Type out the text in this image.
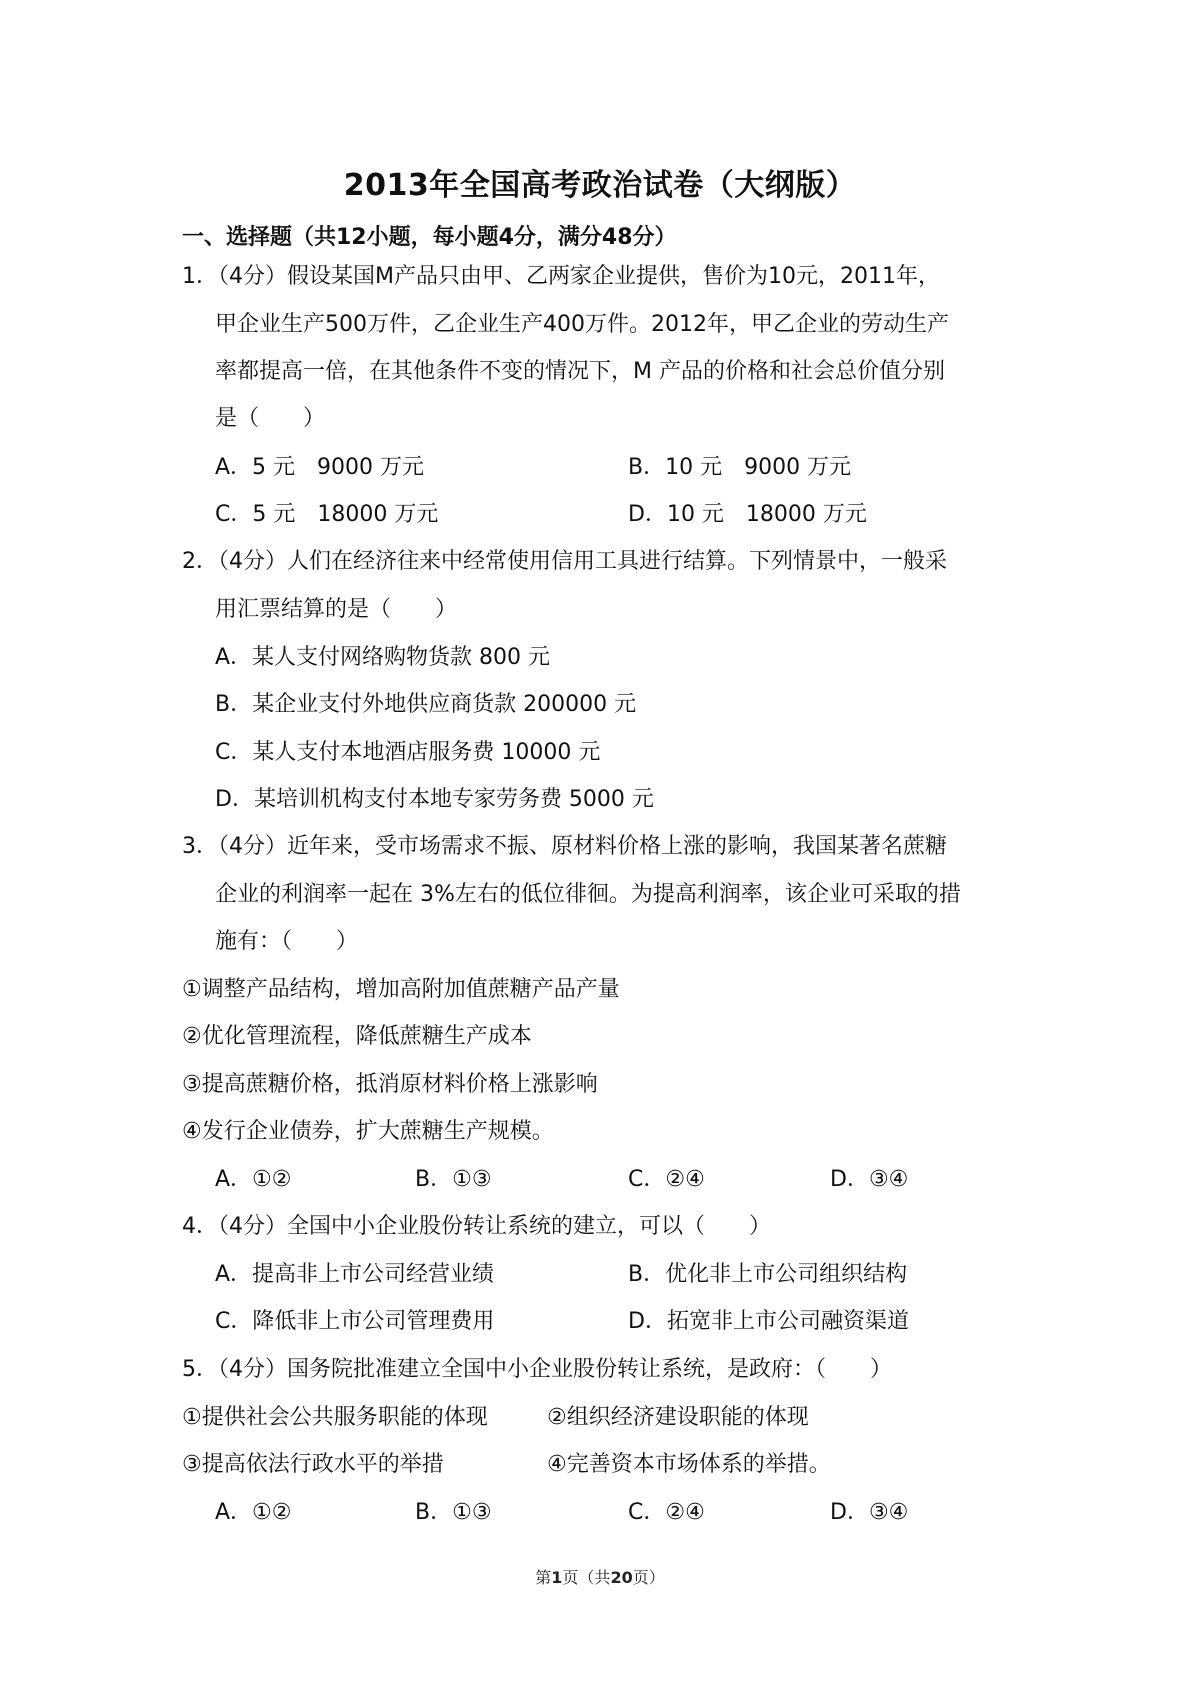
2013年全国高考政治试卷（大纲版）
一、选择题（共12小题，每小题4分，满分48分）
1．（4分）假设某国M产品只由甲、乙两家企业提供，售价为10元，2011年，
甲企业生产500万件，乙企业生产400万件。2012年，甲乙企业的劳动生产
率都提高一倍，在其他条件不变的情况下，M 产品的价格和社会总价值分别
是（　　）
A．5 元　9000 万元	B．10 元　9000 万元
C．5 元　18000 万元	D．10 元　18000 万元
2．（4分）人们在经济往来中经常使用信用工具进行结算。下列情景中，一般采
用汇票结算的是（　　）
A．某人支付网络购物货款 800 元
B．某企业支付外地供应商货款 200000 元
C．某人支付本地酒店服务费 10000 元
D．某培训机构支付本地专家劳务费 5000 元
3．（4分）近年来，受市场需求不振、原材料价格上涨的影响，我国某著名蔗糖
企业的利润率一起在 3%左右的低位徘徊。为提高利润率，该企业可采取的措
施有：（　　）
①调整产品结构，增加高附加值蔗糖产品产量
②优化管理流程，降低蔗糖生产成本
③提高蔗糖价格，抵消原材料价格上涨影响
④发行企业债券，扩大蔗糖生产规模。
A．①②	B．①③	C．②④	D．③④
4．（4分）全国中小企业股份转让系统的建立，可以（　　）
A．提高非上市公司经营业绩	B．优化非上市公司组织结构
C．降低非上市公司管理费用	D．拓宽非上市公司融资渠道
5．（4分）国务院批准建立全国中小企业股份转让系统，是政府：（　　）
①提供社会公共服务职能的体现	②组织经济建设职能的体现
③提高依法行政水平的举措	④完善资本市场体系的举措。
A．①②	B．①③	C．②④	D．③④
第1页（共20页）
